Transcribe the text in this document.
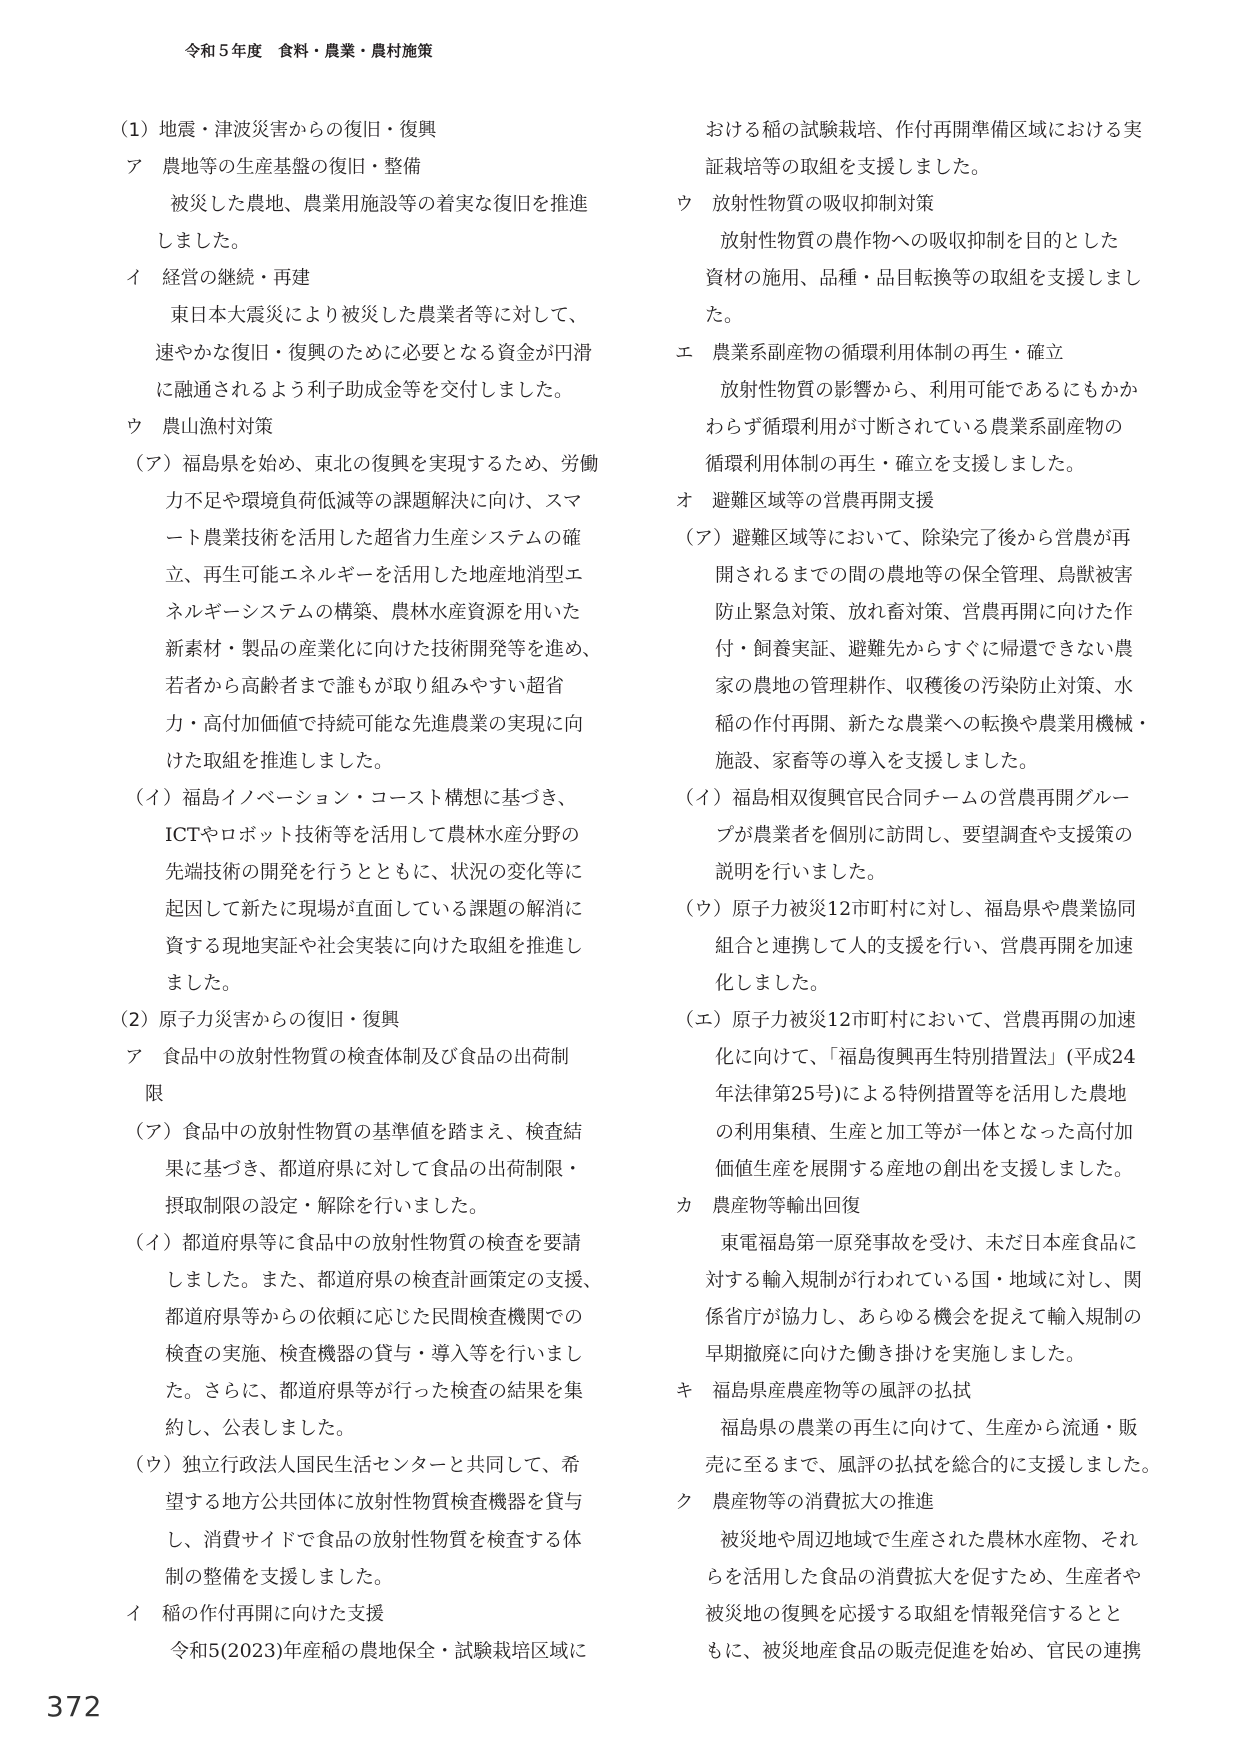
令和５年度　食料・農業・農村施策
（1）地震・津波災害からの復旧・復興
ア　農地等の生産基盤の復旧・整備
被災した農地、農業用施設等の着実な復旧を推進
しました。
イ　経営の継続・再建
東日本大震災により被災した農業者等に対して、
速やかな復旧・復興のために必要となる資金が円滑
に融通されるよう利子助成金等を交付しました。
ウ　農山漁村対策
（ア）福島県を始め、東北の復興を実現するため、労働
力不足や環境負荷低減等の課題解決に向け、スマ
ート農業技術を活用した超省力生産システムの確
立、再生可能エネルギーを活用した地産地消型エ
ネルギーシステムの構築、農林水産資源を用いた
新素材・製品の産業化に向けた技術開発等を進め、
若者から高齢者まで誰もが取り組みやすい超省
力・高付加価値で持続可能な先進農業の実現に向
けた取組を推進しました。
（イ）福島イノベーション・コースト構想に基づき、
ICTやロボット技術等を活用して農林水産分野の
先端技術の開発を行うとともに、状況の変化等に
起因して新たに現場が直面している課題の解消に
資する現地実証や社会実装に向けた取組を推進し
ました。
（2）原子力災害からの復旧・復興
ア　食品中の放射性物質の検査体制及び食品の出荷制
限
（ア）食品中の放射性物質の基準値を踏まえ、検査結
果に基づき、都道府県に対して食品の出荷制限・
摂取制限の設定・解除を行いました。
（イ）都道府県等に食品中の放射性物質の検査を要請
しました。また、都道府県の検査計画策定の支援、
都道府県等からの依頼に応じた民間検査機関での
検査の実施、検査機器の貸与・導入等を行いまし
た。さらに、都道府県等が行った検査の結果を集
約し、公表しました。
（ウ）独立行政法人国民生活センターと共同して、希
望する地方公共団体に放射性物質検査機器を貸与
し、消費サイドで食品の放射性物質を検査する体
制の整備を支援しました。
イ　稲の作付再開に向けた支援
令和5(2023)年産稲の農地保全・試験栽培区域に
おける稲の試験栽培、作付再開準備区域における実
証栽培等の取組を支援しました。
ウ　放射性物質の吸収抑制対策
放射性物質の農作物への吸収抑制を目的とした
資材の施用、品種・品目転換等の取組を支援しまし
た。
エ　農業系副産物の循環利用体制の再生・確立
放射性物質の影響から、利用可能であるにもかか
わらず循環利用が寸断されている農業系副産物の
循環利用体制の再生・確立を支援しました。
オ　避難区域等の営農再開支援
（ア）避難区域等において、除染完了後から営農が再
開されるまでの間の農地等の保全管理、鳥獣被害
防止緊急対策、放れ畜対策、営農再開に向けた作
付・飼養実証、避難先からすぐに帰還できない農
家の農地の管理耕作、収穫後の汚染防止対策、水
稲の作付再開、新たな農業への転換や農業用機械・
施設、家畜等の導入を支援しました。
（イ）福島相双復興官民合同チームの営農再開グルー
プが農業者を個別に訪問し、要望調査や支援策の
説明を行いました。
（ウ）原子力被災12市町村に対し、福島県や農業協同
組合と連携して人的支援を行い、営農再開を加速
化しました。
（エ）原子力被災12市町村において、営農再開の加速
化に向けて、「福島復興再生特別措置法」(平成24
年法律第25号)による特例措置等を活用した農地
の利用集積、生産と加工等が一体となった高付加
価値生産を展開する産地の創出を支援しました。
カ　農産物等輸出回復
東電福島第一原発事故を受け、未だ日本産食品に
対する輸入規制が行われている国・地域に対し、関
係省庁が協力し、あらゆる機会を捉えて輸入規制の
早期撤廃に向けた働き掛けを実施しました。
キ　福島県産農産物等の風評の払拭
福島県の農業の再生に向けて、生産から流通・販
売に至るまで、風評の払拭を総合的に支援しました。
ク　農産物等の消費拡大の推進
被災地や周辺地域で生産された農林水産物、それ
らを活用した食品の消費拡大を促すため、生産者や
被災地の復興を応援する取組を情報発信するとと
もに、被災地産食品の販売促進を始め、官民の連携
372
